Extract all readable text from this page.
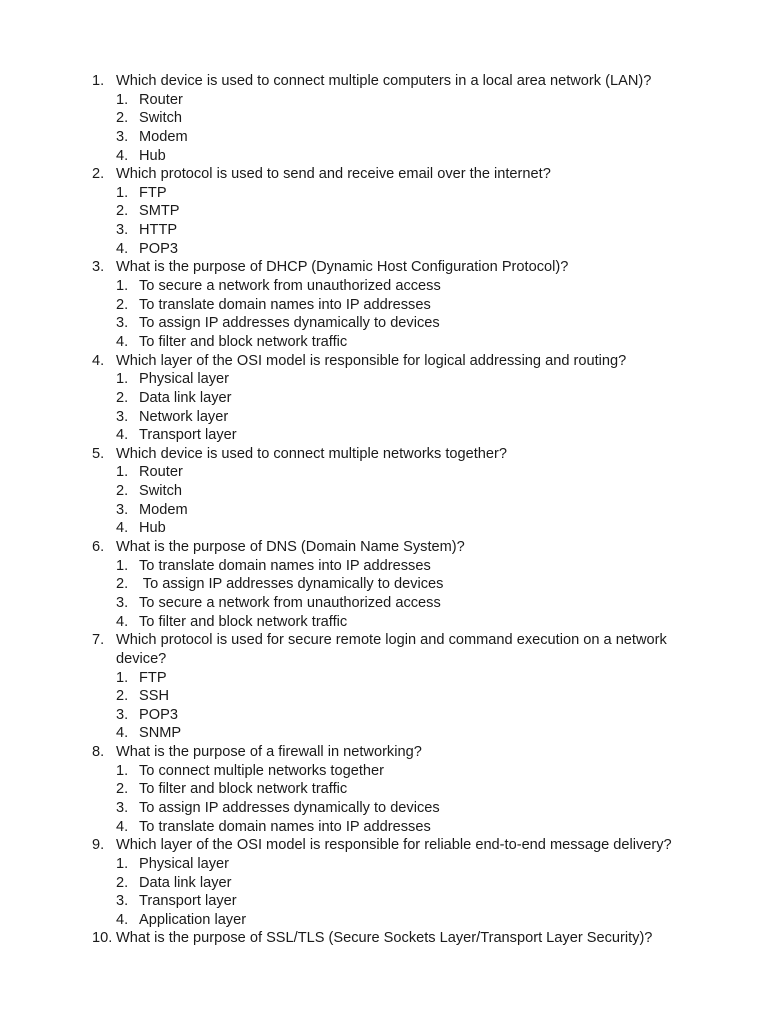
1. Which device is used to connect multiple computers in a local area network (LAN)?
1. Router
2. Switch
3. Modem
4. Hub
2. Which protocol is used to send and receive email over the internet?
1. FTP
2. SMTP
3. HTTP
4. POP3
3. What is the purpose of DHCP (Dynamic Host Configuration Protocol)?
1. To secure a network from unauthorized access
2. To translate domain names into IP addresses
3. To assign IP addresses dynamically to devices
4. To filter and block network traffic
4. Which layer of the OSI model is responsible for logical addressing and routing?
1. Physical layer
2. Data link layer
3. Network layer
4. Transport layer
5. Which device is used to connect multiple networks together?
1. Router
2. Switch
3. Modem
4. Hub
6. What is the purpose of DNS (Domain Name System)?
1. To translate domain names into IP addresses
2. To assign IP addresses dynamically to devices
3. To secure a network from unauthorized access
4. To filter and block network traffic
7. Which protocol is used for secure remote login and command execution on a network
device?
1. FTP
2. SSH
3. POP3
4. SNMP
8. What is the purpose of a firewall in networking?
1. To connect multiple networks together
2. To filter and block network traffic
3. To assign IP addresses dynamically to devices
4. To translate domain names into IP addresses
9. Which layer of the OSI model is responsible for reliable end-to-end message delivery?
1. Physical layer
2. Data link layer
3. Transport layer
4. Application layer
10. What is the purpose of SSL/TLS (Secure Sockets Layer/Transport Layer Security)?
